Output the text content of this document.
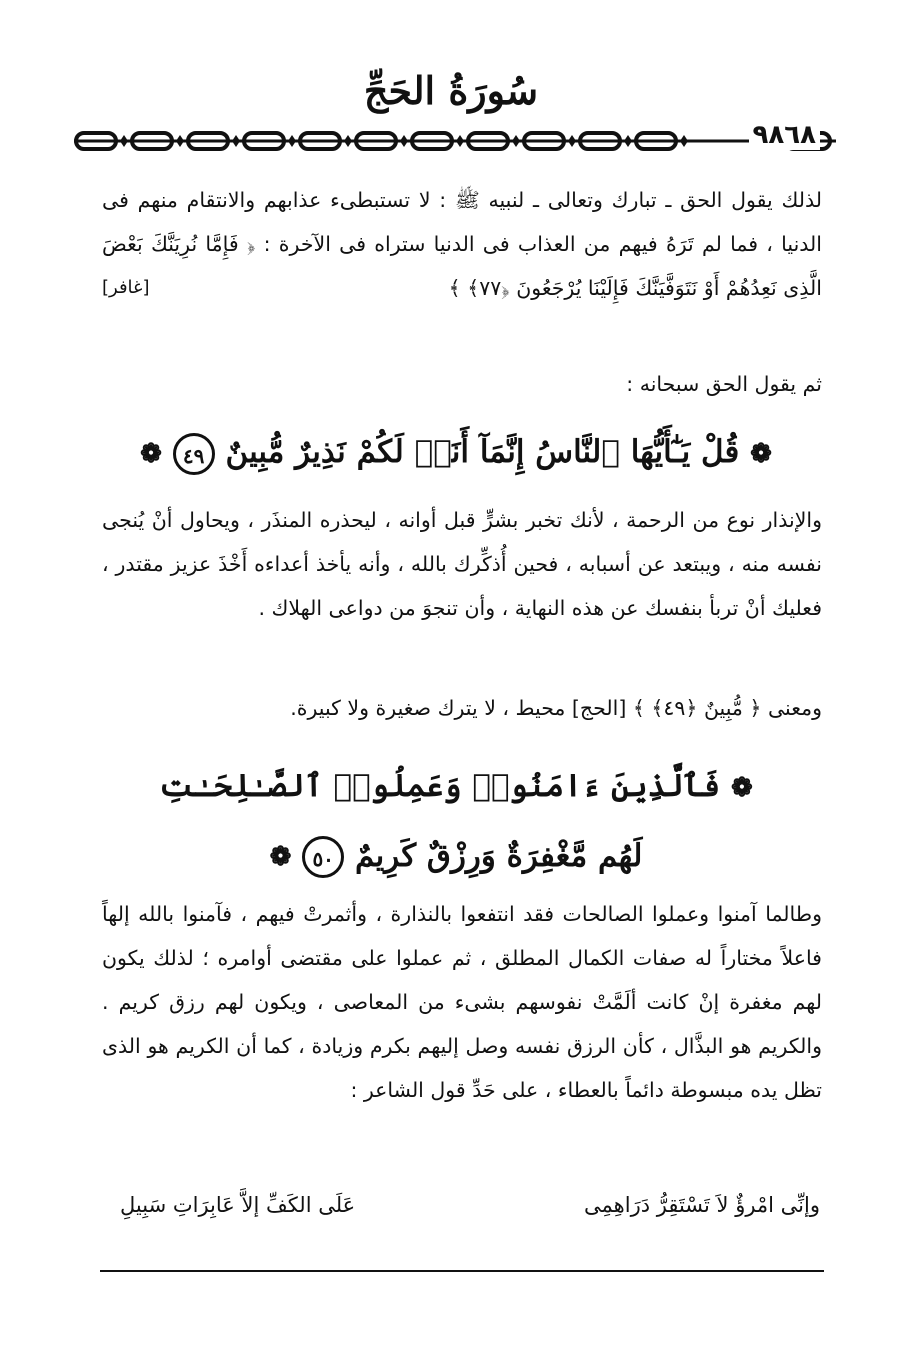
سُورَةُ الحَجِّ
٩٨٦٨

لذلك يقول الحق ـ تبارك وتعالى ـ لنبيه ﷺ : لا تستبطىء عذابهم والانتقام منهم فى الدنيا ، فما لم تَرَهُ فيهم من العذاب فى الدنيا ستراه فى الآخرة : ﴿ فَإِمَّا نُرِيَنَّكَ بَعْضَ الَّذِى نَعِدُهُمْ أَوْ نَتَوَفَّيَنَّكَ فَإِلَيْنَا يُرْجَعُونَ ﴿٧٧﴾ ﴾
[غافر]

ثم يقول الحق سبحانه :

❁ قُلْ يَـٰٓأَيُّهَا ٱلنَّاسُ إِنَّمَآ أَنَا۠ لَكُمْ نَذِيرٌ مُّبِينٌ ٤٩ ❁

والإنذار نوع من الرحمة ، لأنك تخبر بشرٍّ قبل أوانه ، ليحذره المنذَر ، ويحاول أنْ يُنجى نفسه منه ، ويبتعد عن أسبابه ، فحين أُذكِّرك بالله ، وأنه يأخذ أعداءه أَخْذَ عزيز مقتدر ، فعليك أنْ تربأ بنفسك عن هذه النهاية ، وأن تنجوَ من دواعى الهلاك .

ومعنى ﴿ مُّبِينٌ ﴿٤٩﴾ ﴾ [الحج] محيط ، لا يترك صغيرة ولا كبيرة.

❁ فَٱلَّذِينَ ءَامَنُوا۟ وَعَمِلُوا۟ ٱلصَّـٰلِحَـٰتِ
لَهُم مَّغْفِرَةٌ وَرِزْقٌ كَرِيمٌ ٥٠ ❁

وطالما آمنوا وعملوا الصالحات فقد انتفعوا بالنذارة ، وأثمرتْ فيهم ، فآمنوا بالله إلهاً فاعلاً مختاراً له صفات الكمال المطلق ، ثم عملوا على مقتضى أوامره ؛ لذلك يكون لهم مغفرة إنْ كانت ألَمَّتْ نفوسهم بشىء من المعاصى ، ويكون لهم رزق كريم . والكريم هو البذَّال ، كأن الرزق نفسه وصل إليهم بكرم وزيادة ، كما أن الكريم هو الذى تظل يده مبسوطة دائماً بالعطاء ، على حَدِّ قول الشاعر :

وإنِّى امْرؤٌ لاَ تَسْتَقِرُّ دَرَاهِمِى
عَلَى الكَفِّ إلاَّ عَابِرَاتِ سَبِيلِ
